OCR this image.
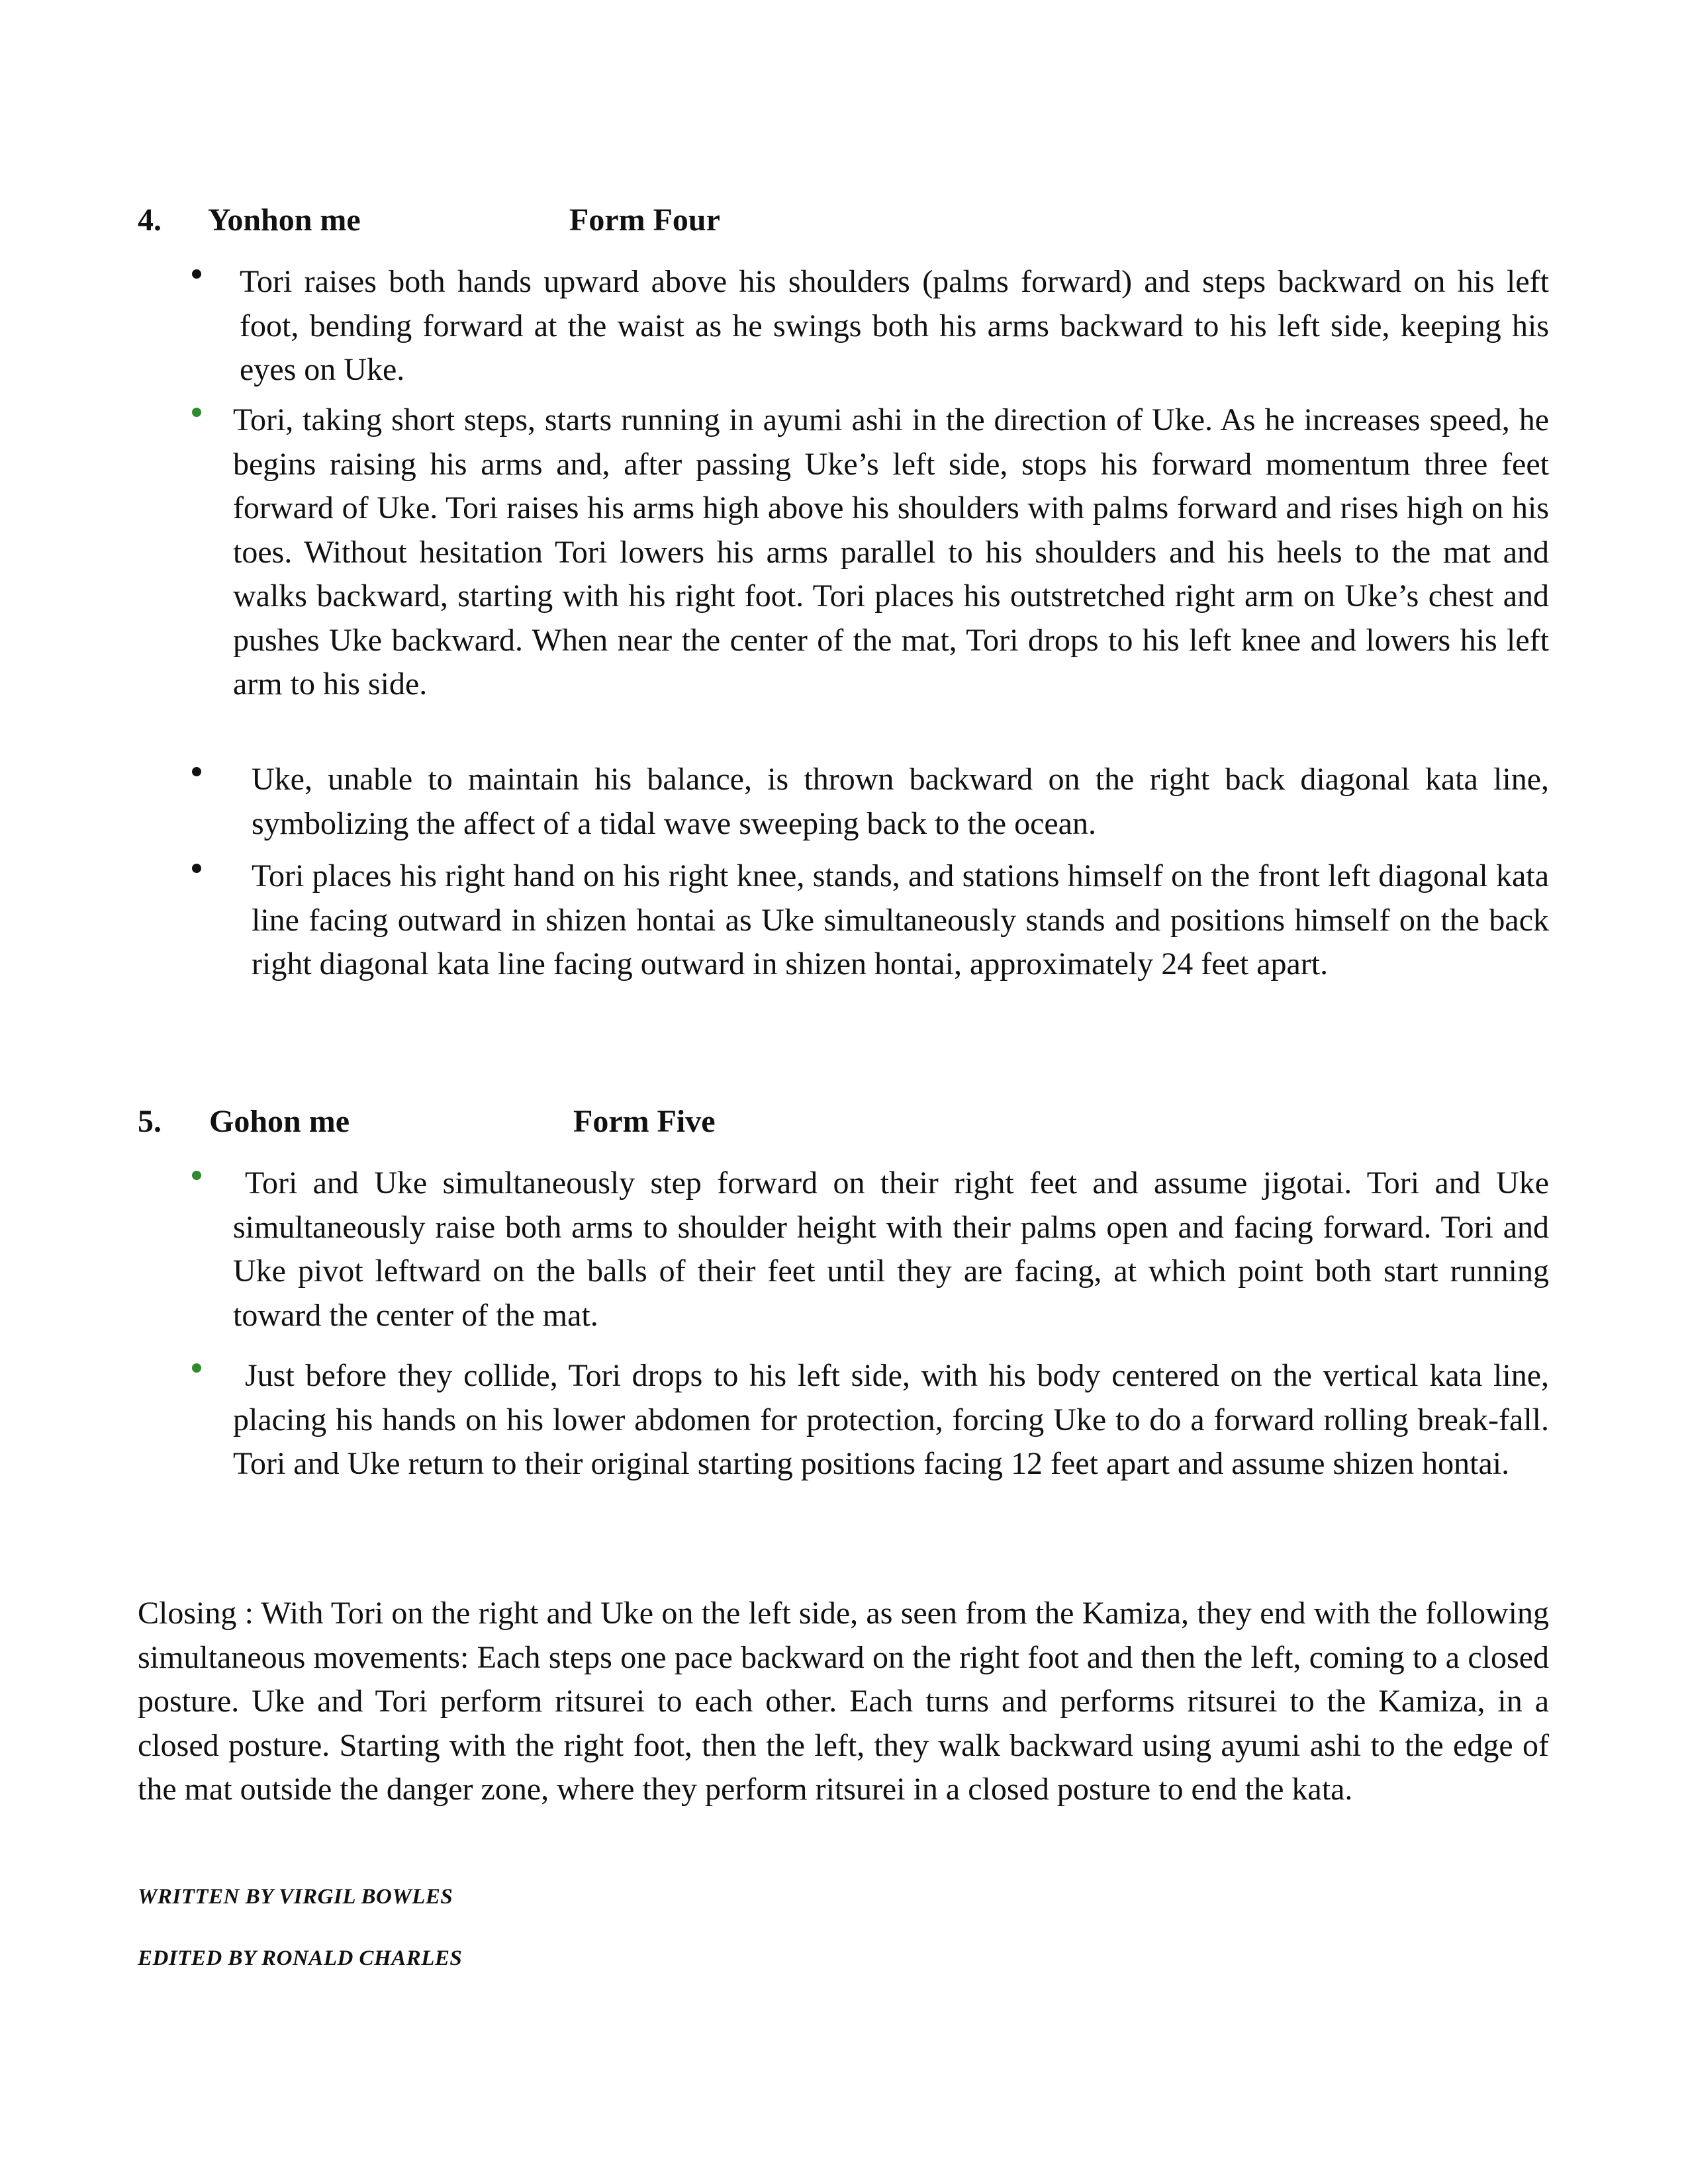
4. Yonhon me	Form Four
Tori raises both hands upward above his shoulders (palms forward) and steps backward on his left foot, bending forward at the waist as he swings both his arms backward to his left side, keeping his eyes on Uke.
Tori, taking short steps, starts running in ayumi ashi in the direction of Uke. As he increases speed, he begins raising his arms and, after passing Uke’s left side, stops his forward momentum three feet forward of Uke. Tori raises his arms high above his shoulders with palms forward and rises high on his toes. Without hesitation Tori lowers his arms parallel to his shoulders and his heels to the mat and walks backward, starting with his right foot. Tori places his outstretched right arm on Uke’s chest and pushes Uke backward. When near the center of the mat, Tori drops to his left knee and lowers his left arm to his side.
Uke, unable to maintain his balance, is thrown backward on the right back diagonal kata line, symbolizing the affect of a tidal wave sweeping back to the ocean.
Tori places his right hand on his right knee, stands, and stations himself on the front left diagonal kata line facing outward in shizen hontai as Uke simultaneously stands and positions himself on the back right diagonal kata line facing outward in shizen hontai, approximately 24 feet apart.
5. Gohon me	Form Five
Tori and Uke simultaneously step forward on their right feet and assume jigotai. Tori and Uke simultaneously raise both arms to shoulder height with their palms open and facing forward. Tori and Uke pivot leftward on the balls of their feet until they are facing, at which point both start running toward the center of the mat.
Just before they collide, Tori drops to his left side, with his body centered on the vertical kata line, placing his hands on his lower abdomen for protection, forcing Uke to do a forward rolling break-fall. Tori and Uke return to their original starting positions facing 12 feet apart and assume shizen hontai.
Closing : With Tori on the right and Uke on the left side, as seen from the Kamiza, they end with the following simultaneous movements: Each steps one pace backward on the right foot and then the left, coming to a closed posture. Uke and Tori perform ritsurei to each other. Each turns and performs ritsurei to the Kamiza, in a closed posture. Starting with the right foot, then the left, they walk backward using ayumi ashi to the edge of the mat outside the danger zone, where they perform ritsurei in a closed posture to end the kata.
WRITTEN BY VIRGIL BOWLES
EDITED BY RONALD CHARLES
